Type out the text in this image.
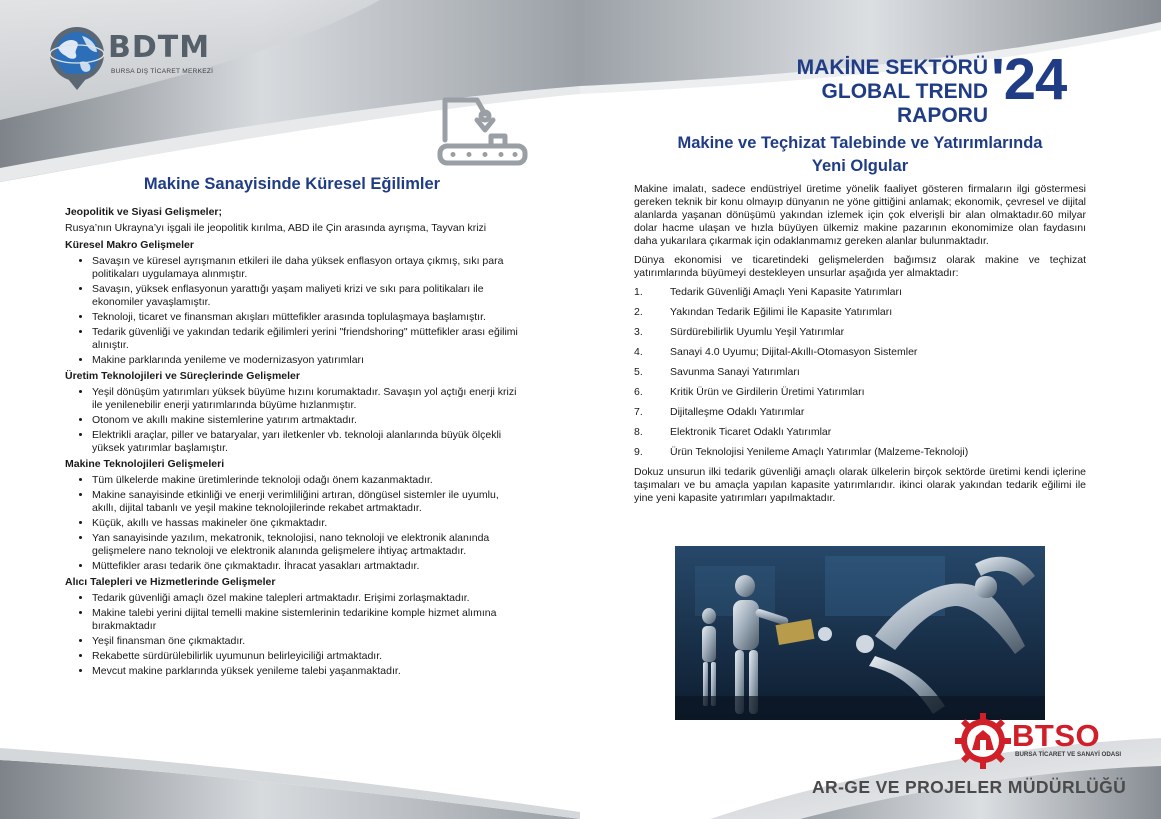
BDTM
BURSA DIŞ TİCARET MERKEZİ
Makine Sanayisinde Küresel Eğilimler
Jeopolitik ve Siyasi Gelişmeler;
Rusya’nın Ukrayna’yı işgali ile jeopolitik kırılma, ABD ile Çin arasında ayrışma, Tayvan krizi
Küresel Makro Gelişmeler
• Savaşın ve küresel ayrışmanın etkileri ile daha yüksek enflasyon ortaya çıkmış, sıkı para politikaları uygulamaya alınmıştır.
• Savaşın, yüksek enflasyonun yarattığı yaşam maliyeti krizi ve sıkı para politikaları ile ekonomiler yavaşlamıştır.
• Teknoloji, ticaret ve finansman akışları müttefikler arasında toplulaşmaya başlamıştır.
• Tedarik güvenliği ve yakından tedarik eğilimleri yerini "friendshoring" müttefikler arası eğilimi alınıştır.
• Makine parklarında yenileme ve modernizasyon yatırımları
Üretim Teknolojileri ve Süreçlerinde Gelişmeler
• Yeşil dönüşüm yatırımları yüksek büyüme hızını korumaktadır. Savaşın yol açtığı enerji krizi ile yenilenebilir enerji yatırımlarında büyüme hızlanmıştır.
• Otonom ve akıllı makine sistemlerine yatırım artmaktadır.
• Elektrikli araçlar, piller ve bataryalar, yarı iletkenler vb. teknoloji alanlarında büyük ölçekli yüksek yatırımlar başlamıştır.
Makine Teknolojileri Gelişmeleri
• Tüm ülkelerde makine üretimlerinde teknoloji odağı önem kazanmaktadır.
• Makine sanayisinde etkinliği ve enerji verimliliğini artıran, döngüsel sistemler ile uyumlu, akıllı, dijital tabanlı ve yeşil makine teknolojilerinde rekabet artmaktadır.
• Küçük, akıllı ve hassas makineler öne çıkmaktadır.
• Yan sanayisinde yazılım, mekatronik, teknolojisi, nano teknoloji ve elektronik alanında gelişmelere nano teknoloji ve elektronik alanında gelişmelere ihtiyaç artmaktadır.
• Müttefikler arası tedarik öne çıkmaktadır. İhracat yasakları artmaktadır.
Alıcı Talepleri ve Hizmetlerinde Gelişmeler
• Tedarik güvenliği amaçlı özel makine talepleri artmaktadır. Erişimi zorlaşmaktadır.
• Makine talebi yerini dijital temelli makine sistemlerinin tedarikine komple hizmet alımına bırakmaktadır
• Yeşil finansman öne çıkmaktadır.
• Rekabette sürdürülebilirlik uyumunun belirleyiciliği artmaktadır.
• Mevcut makine parklarında yüksek yenileme talebi yaşanmaktadır.
MAKİNE SEKTÖRÜ
GLOBAL TREND RAPORU
'24
Makine ve Teçhizat Talebinde ve Yatırımlarında
Yeni Olgular
Makine imalatı, sadece endüstriyel üretime yönelik faaliyet gösteren firmaların ilgi göstermesi gereken teknik bir konu olmayıp dünyanın ne yöne gittiğini anlamak; ekonomik, çevresel ve dijital alanlarda yaşanan dönüşümü yakından izlemek için çok elverişli bir alan olmaktadır.60 milyar dolar hacme ulaşan ve hızla büyüyen ülkemiz makine pazarının ekonomimize olan faydasını daha yukarılara çıkarmak için odaklanmamız gereken alanlar bulunmaktadır.
Dünya ekonomisi ve ticaretindeki gelişmelerden bağımsız olarak makine ve teçhizat yatırımlarında büyümeyi destekleyen unsurlar aşağıda yer almaktadır:
1.	Tedarik Güvenliği Amaçlı Yeni Kapasite Yatırımları
2.	Yakından Tedarik Eğilimi İle Kapasite Yatırımları
3.	Sürdürebilirlik Uyumlu Yeşil Yatırımlar
4.	Sanayi 4.0 Uyumu; Dijital-Akıllı-Otomasyon Sistemler
5.	Savunma Sanayi Yatırımları
6.	Kritik Ürün ve Girdilerin Üretimi Yatırımları
7.	Dijitalleşme Odaklı Yatırımlar
8.	Elektronik Ticaret Odaklı Yatırımlar
9.	Ürün Teknolojisi Yenileme Amaçlı Yatırımlar (Malzeme-Teknoloji)
Dokuz unsurun ilki tedarik güvenliği amaçlı olarak ülkelerin birçok sektörde üretimi kendi içlerine taşımaları ve bu amaçla yapılan kapasite yatırımlarıdır. ikinci olarak yakından tedarik eğilimi ile yine yeni kapasite yatırımları yapılmaktadır.
BTSO
BURSA TİCARET VE SANAYİ ODASI
AR-GE VE PROJELER MÜDÜRLÜĞÜ
